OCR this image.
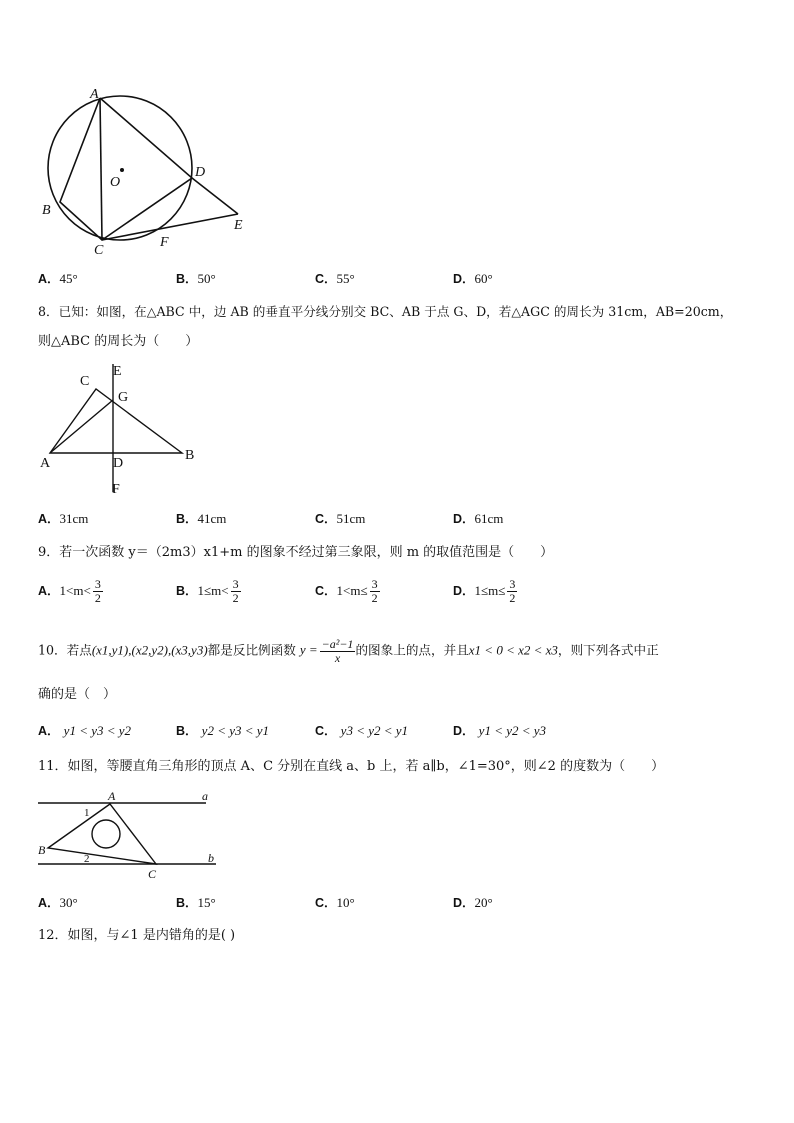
A
O
D
B
E
C
F
A．45°	B．50°	C．55°	D．60°
8．已知：如图，在△ABC 中，边 AB 的垂直平分线分别交 BC、AB 于点 G、D，若△AGC 的周长为 31cm，AB=20cm，
则△ABC 的周长为（　　）
C
E
G
A	D
B
F
A．31cm	B．41cm	C．51cm	D．61cm
9．若一次函数 y＝（2m3）x1+m 的图象不经过第三象限，则 m 的取值范围是（　　）
A．$1<m< \frac{3}{2}$	B．$1\le m< \frac{3}{2}$	C．$1<m\le \frac{3}{2}$	D．$1\le m\le \frac{3}{2}$
10．若点(x1,y1),(x2,y2),(x3,y3)都是反比例函数 $y = \frac{\text{−a²−1}}{x}$ 的图象上的点，并且x1 < 0 < x2 < x3，则下列各式中正
确的是（　）
A． y1 < y3 < y2	B． y2 < y3 < y1	C． y3 < y2 < y1	D． y1 < y2 < y3
11．如图，等腰直角三角形的顶点 A、C 分别在直线 a、b 上，若 a∥b，∠1=30°，则∠2 的度数为（　　）
A	a
1
B
2	b
C
A．30°	B．15°	C．10°	D．20°
12．如图，与∠1 是内错角的是( )
